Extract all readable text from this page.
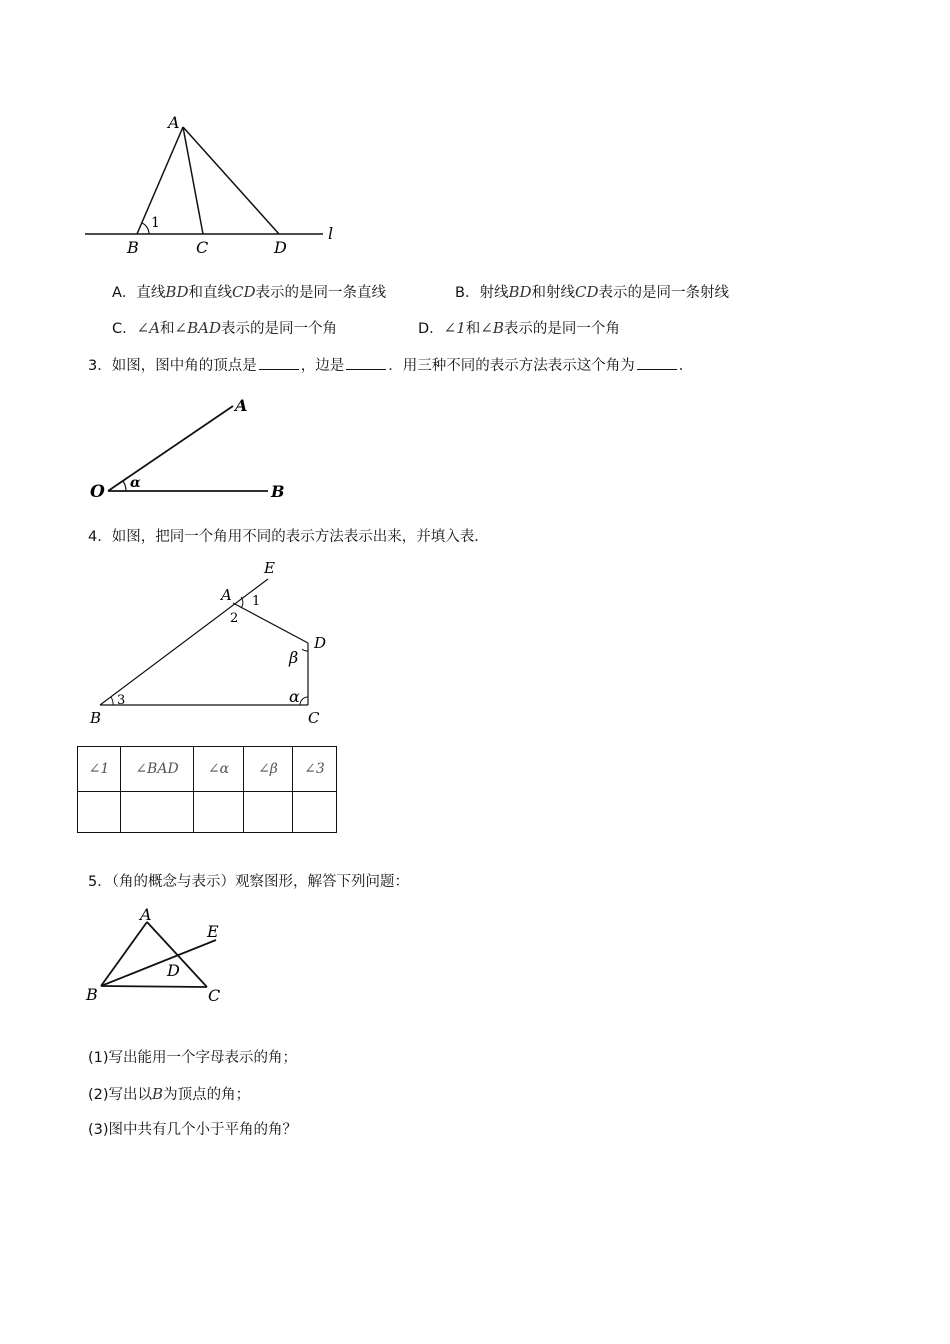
A
B	C	D
l
1
A．直线BD和直线CD表示的是同一条直线	B．射线BD和射线CD表示的是同一条射线
C．∠A和∠BAD表示的是同一个角	D．∠1和∠B表示的是同一个角
3．如图，图中角的顶点是	，边是	．用三种不同的表示方法表示这个角为	．
O
A
B
α
4．如图，把同一个角用不同的表示方法表示出来，并填入表．
A
B	C
D
E
1
2
3
β
α
∠1	∠BAD	∠α	∠β	∠3

5．（角的概念与表示）观察图形，解答下列问题：
A
B	C
D
E
(1)写出能用一个字母表示的角；
(2)写出以B为顶点的角；
(3)图中共有几个小于平角的角？
